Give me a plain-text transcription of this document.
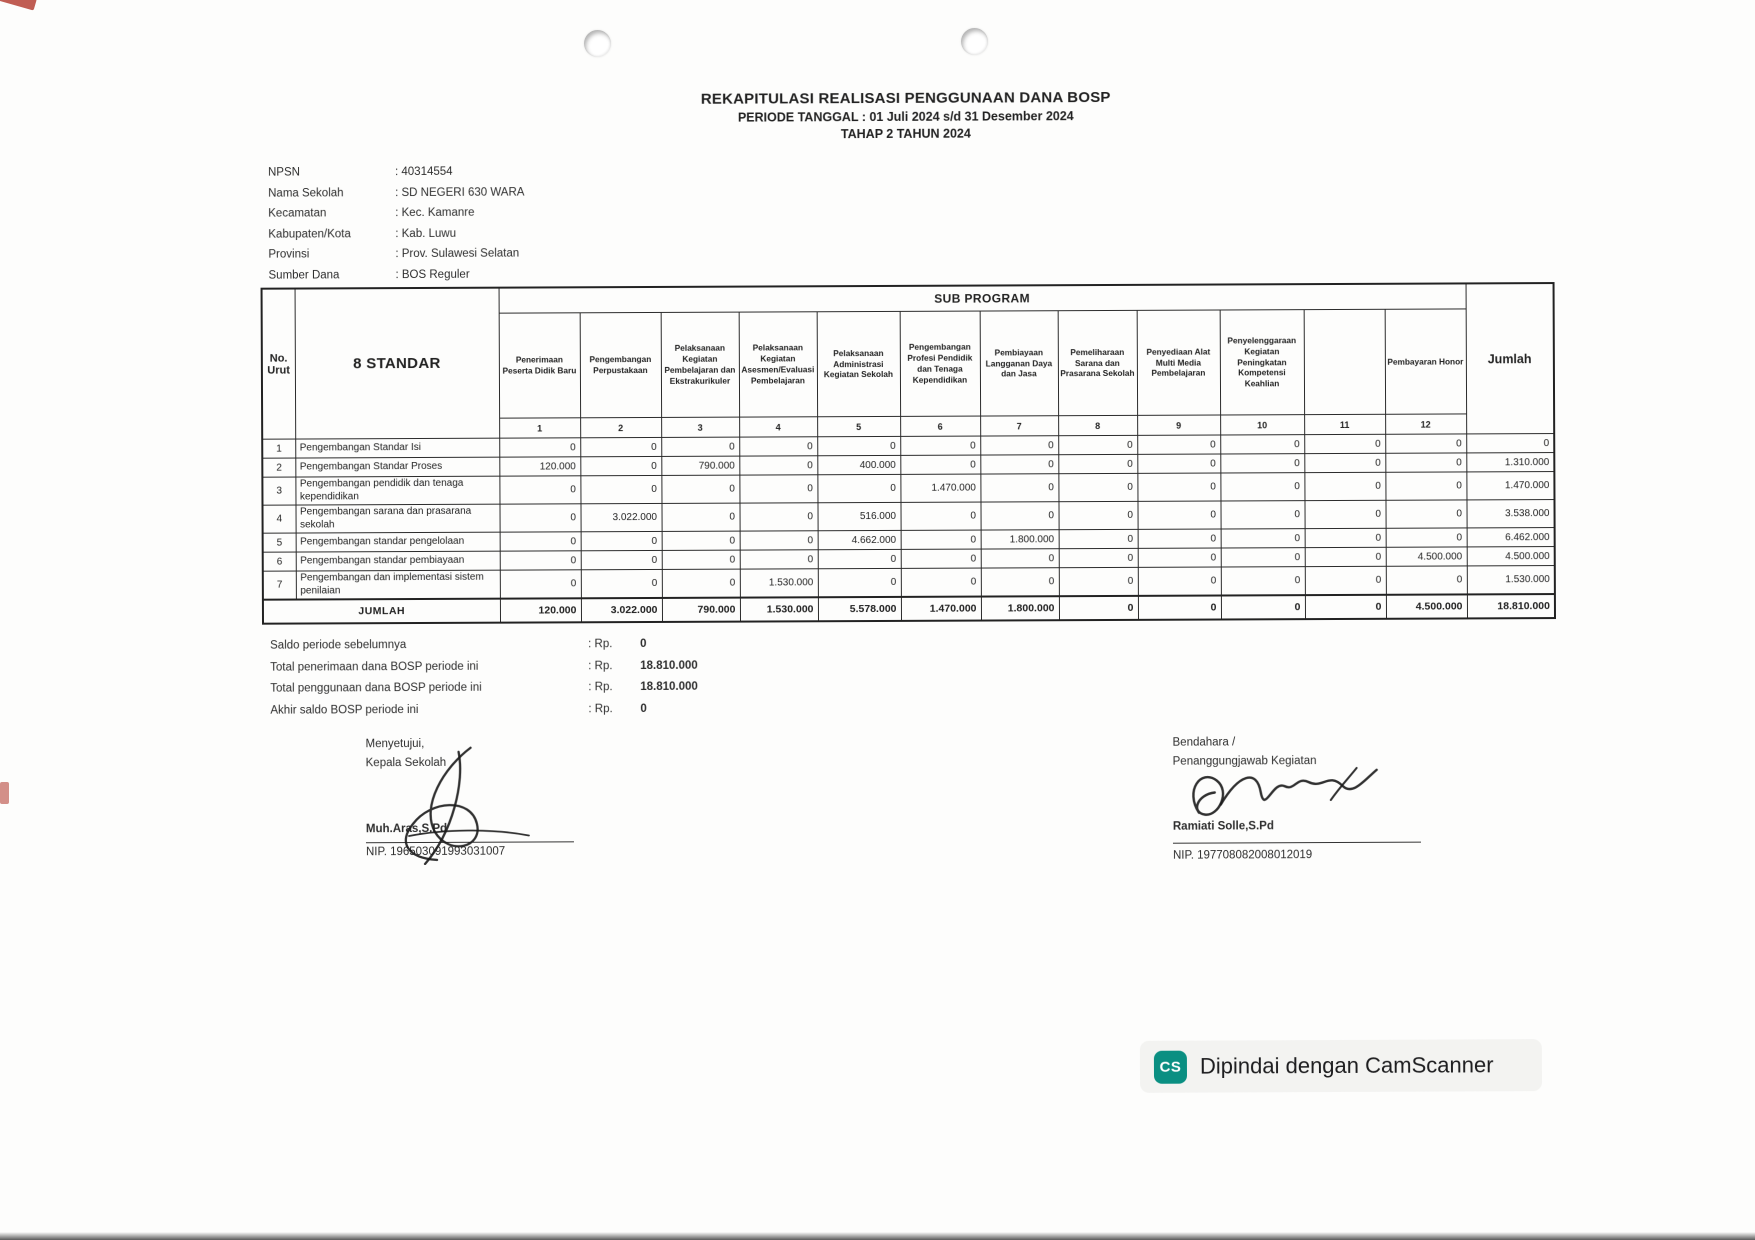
REKAPITULASI REALISASI PENGGUNAAN DANA BOSP
PERIODE TANGGAL : 01 Juli 2024 s/d 31 Desember 2024
TAHAP 2 TAHUN 2024
NPSN	: 40314554
Nama Sekolah	: SD NEGERI 630 WARA
Kecamatan	: Kec. Kamanre
Kabupaten/Kota	: Kab. Luwu
Provinsi	: Prov. Sulawesi Selatan
Sumber Dana	: BOS Reguler
No. Urut	8 STANDAR	SUB PROGRAM												Jumlah
		Penerimaan Peserta Didik Baru	Pengembangan Perpustakaan	Pelaksanaan Kegiatan Pembelajaran dan Ekstrakurikuler	Pelaksanaan Kegiatan Asesmen/Evaluasi Pembelajaran	Pelaksanaan Administrasi Kegiatan Sekolah	Pengembangan Profesi Pendidik dan Tenaga Kependidikan	Pembiayaan Langganan Daya dan Jasa	Pemeliharaan Sarana dan Prasarana Sekolah	Penyediaan Alat Multi Media Pembelajaran	Penyelenggaraan Kegiatan Peningkatan Kompetensi Keahlian		Pembayaran Honor	
		1	2	3	4	5	6	7	8	9	10	11	12	
1	Pengembangan Standar Isi	0	0	0	0	0	0	0	0	0	0	0	0	0
2	Pengembangan Standar Proses	120.000	0	790.000	0	400.000	0	0	0	0	0	0	0	1.310.000
3	Pengembangan pendidik dan tenaga kependidikan	0	0	0	0	0	1.470.000	0	0	0	0	0	0	1.470.000
4	Pengembangan sarana dan prasarana sekolah	0	3.022.000	0	0	516.000	0	0	0	0	0	0	0	3.538.000
5	Pengembangan standar pengelolaan	0	0	0	0	4.662.000	0	1.800.000	0	0	0	0	0	6.462.000
6	Pengembangan standar pembiayaan	0	0	0	0	0	0	0	0	0	0	0	4.500.000	4.500.000
7	Pengembangan dan implementasi sistem penilaian	0	0	0	1.530.000	0	0	0	0	0	0	0	0	1.530.000
JUMLAH		120.000	3.022.000	790.000	1.530.000	5.578.000	1.470.000	1.800.000	0	0	0	0	4.500.000	18.810.000
Saldo periode sebelumnya	: Rp.	0
Total penerimaan dana BOSP periode ini	: Rp.	18.810.000
Total penggunaan dana BOSP periode ini	: Rp.	18.810.000
Akhir saldo BOSP periode ini	: Rp.	0
Menyetujui,
Kepala Sekolah
Muh.Aras,S.Pd
NIP. 196503091993031007
Bendahara /
Penanggungjawab Kegiatan
Ramiati Solle,S.Pd
NIP. 197708082008012019
CS Dipindai dengan CamScanner
